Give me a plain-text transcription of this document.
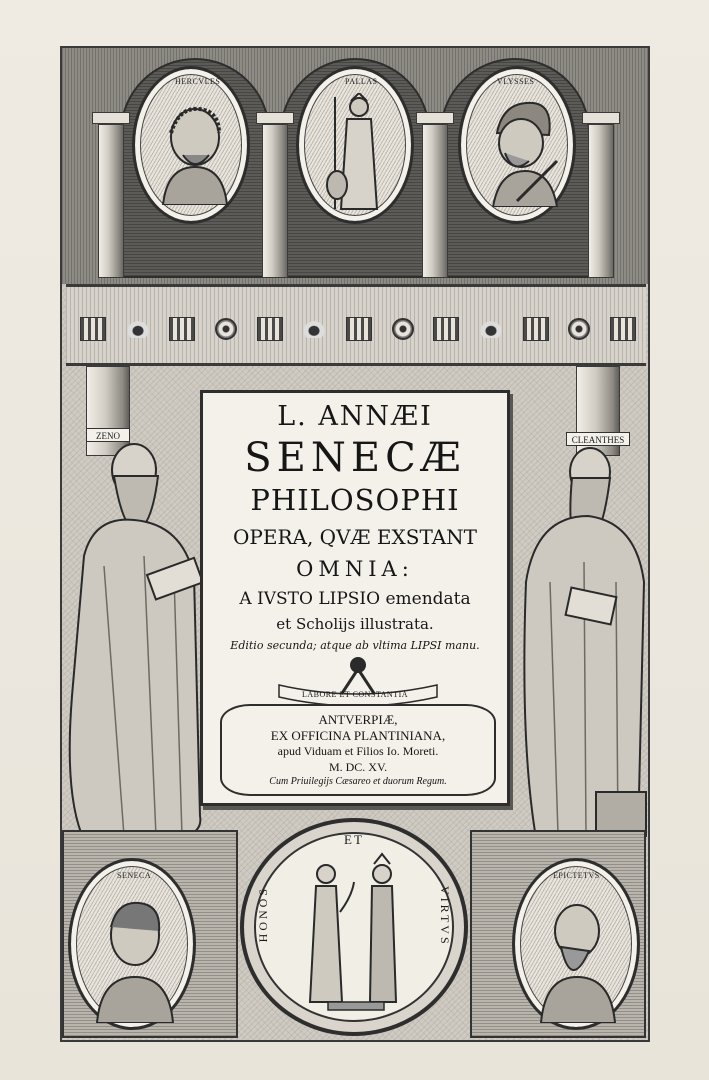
HERCVLES	PALLAS	VLYSSES
ZENO	CLEANTHES
L. ANNÆI
SENECÆ
PHILOSOPHI
OPERA, QVÆ EXSTANT
OMNIA:
A IVSTO LIPSIO emendata
et Scholijs illustrata.
Editio secunda; atque ab vltima LIPSI manu.
LABORE ET CONSTANTIA
ANTVERPIÆ,
EX OFFICINA PLANTINIANA,
apud Viduam et Filios Io. Moreti.
M. DC. XV.
Cum Priuilegijs Cæsareo et duorum Regum.
SENECA	EPICTETVS
ET
HONOS	VIRTVS
